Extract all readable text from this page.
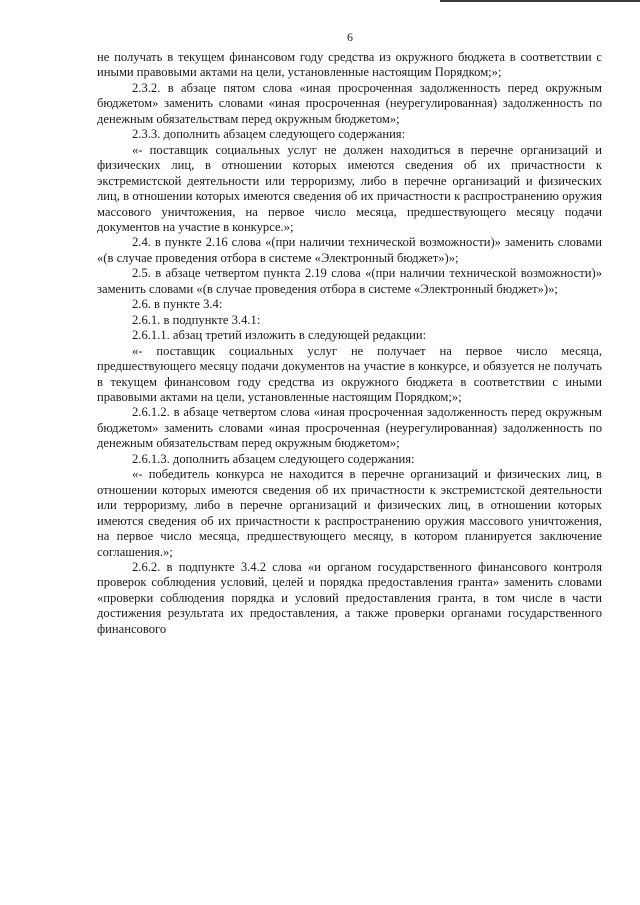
6

не получать в текущем финансовом году средства из окружного бюджета в соответствии с иными правовыми актами на цели, установленные настоящим Порядком;»;

2.3.2. в абзаце пятом слова «иная просроченная задолженность перед окружным бюджетом» заменить словами «иная просроченная (неурегулированная) задолженность по денежным обязательствам перед окружным бюджетом»;

2.3.3. дополнить абзацем следующего содержания:

«- поставщик социальных услуг не должен находиться в перечне организаций и физических лиц, в отношении которых имеются сведения об их причастности к экстремистской деятельности или терроризму, либо в перечне организаций и физических лиц, в отношении которых имеются сведения об их причастности к распространению оружия массового уничтожения, на первое число месяца, предшествующего месяцу подачи документов на участие в конкурсе.»;

2.4. в пункте 2.16 слова «(при наличии технической возможности)» заменить словами «(в случае проведения отбора в системе «Электронный бюджет»)»;

2.5. в абзаце четвертом пункта 2.19 слова «(при наличии технической возможности)» заменить словами «(в случае проведения отбора в системе «Электронный бюджет»)»;

2.6. в пункте 3.4:

2.6.1. в подпункте 3.4.1:

2.6.1.1. абзац третий изложить в следующей редакции:

«- поставщик социальных услуг не получает на первое число месяца, предшествующего месяцу подачи документов на участие в конкурсе, и обязуется не получать в текущем финансовом году средства из окружного бюджета в соответствии с иными правовыми актами на цели, установленные настоящим Порядком;»;

2.6.1.2. в абзаце четвертом слова «иная просроченная задолженность перед окружным бюджетом» заменить словами «иная просроченная (неурегулированная) задолженность по денежным обязательствам перед окружным бюджетом»;

2.6.1.3. дополнить абзацем следующего содержания:

«- победитель конкурса не находится в перечне организаций и физических лиц, в отношении которых имеются сведения об их причастности к экстремистской деятельности или терроризму, либо в перечне организаций и физических лиц, в отношении которых имеются сведения об их причастности к распространению оружия массового уничтожения, на первое число месяца, предшествующего месяцу, в котором планируется заключение соглашения.»;

2.6.2. в подпункте 3.4.2 слова «и органом государственного финансового контроля проверок соблюдения условий, целей и порядка предоставления гранта» заменить словами «проверки соблюдения порядка и условий предоставления гранта, в том числе в части достижения результата их предоставления, а также проверки органами государственного финансового
